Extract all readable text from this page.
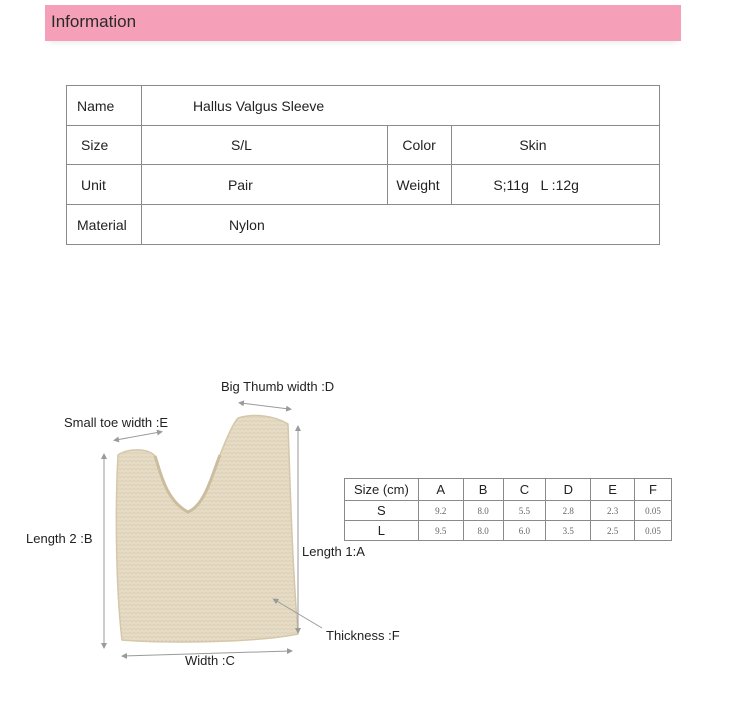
Information
Name	Hallus Valgus Sleeve		
Size	S/L	Color	Skin
Unit	Pair	Weight	S;11g   L :12g
Material	Nylon		
Big Thumb width :D
Small toe width :E
Length 2 :B
Length 1:A
Thickness :F
Width :C
Size (cm)	A	B	C	D	E	F
S	9.2	8.0	5.5	2.8	2.3	0.05
L	9.5	8.0	6.0	3.5	2.5	0.05
